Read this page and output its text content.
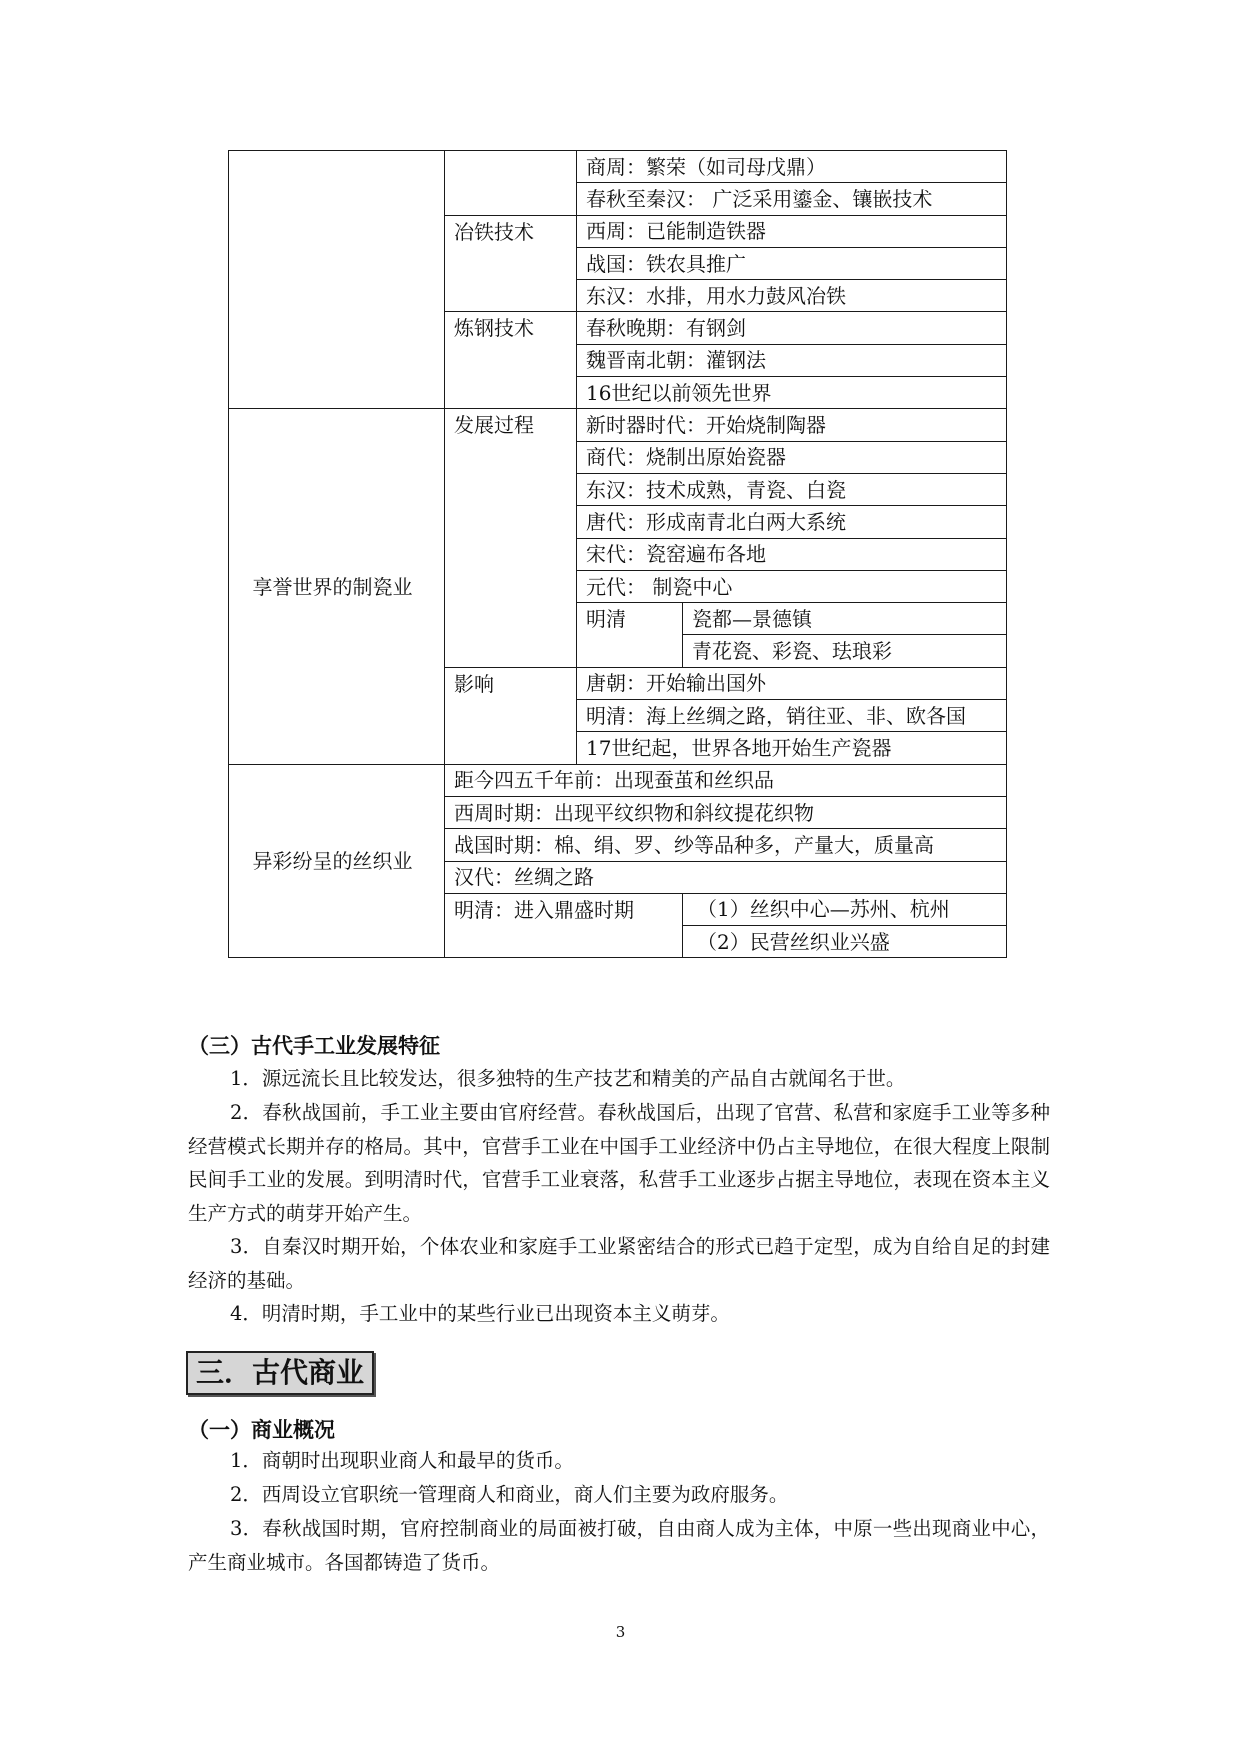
		商周：繁荣（如司母戊鼎）	
		春秋至秦汉： 广泛采用鎏金、镶嵌技术	
	冶铁技术	西周：已能制造铁器	
		战国：铁农具推广	
		东汉：水排，用水力鼓风冶铁	
	炼钢技术	春秋晚期：有钢剑	
		魏晋南北朝：灌钢法	
		16世纪以前领先世界	
享誉世界的制瓷业	发展过程	新时器时代：开始烧制陶器	
		商代：烧制出原始瓷器	
		东汉：技术成熟，青瓷、白瓷	
		唐代：形成南青北白两大系统	
		宋代：瓷窑遍布各地	
		元代： 制瓷中心	
		明清	瓷都—景德镇
			青花瓷、彩瓷、珐琅彩
	影响	唐朝：开始输出国外	
		明清：海上丝绸之路，销往亚、非、欧各国	
		17世纪起，世界各地开始生产瓷器	
异彩纷呈的丝织业	距今四五千年前：出现蚕茧和丝织品		
	西周时期：出现平纹织物和斜纹提花织物		
	战国时期：棉、绢、罗、纱等品种多，产量大，质量高		
	汉代：丝绸之路		
	明清：进入鼎盛时期		（1）丝织中心—苏州、杭州
			（2）民营丝织业兴盛
（三）古代手工业发展特征
1．源远流长且比较发达，很多独特的生产技艺和精美的产品自古就闻名于世。
2．春秋战国前，手工业主要由官府经营。春秋战国后，出现了官营、私营和家庭手工业等多种经营模式长期并存的格局。其中，官营手工业在中国手工业经济中仍占主导地位，在很大程度上限制民间手工业的发展。到明清时代，官营手工业衰落，私营手工业逐步占据主导地位，表现在资本主义生产方式的萌芽开始产生。
3．自秦汉时期开始，个体农业和家庭手工业紧密结合的形式已趋于定型，成为自给自足的封建经济的基础。
4．明清时期，手工业中的某些行业已出现资本主义萌芽。
三．古代商业
（一）商业概况
1．商朝时出现职业商人和最早的货币。
2．西周设立官职统一管理商人和商业，商人们主要为政府服务。
3．春秋战国时期，官府控制商业的局面被打破，自由商人成为主体，中原一些出现商业中心，产生商业城市。各国都铸造了货币。
3
